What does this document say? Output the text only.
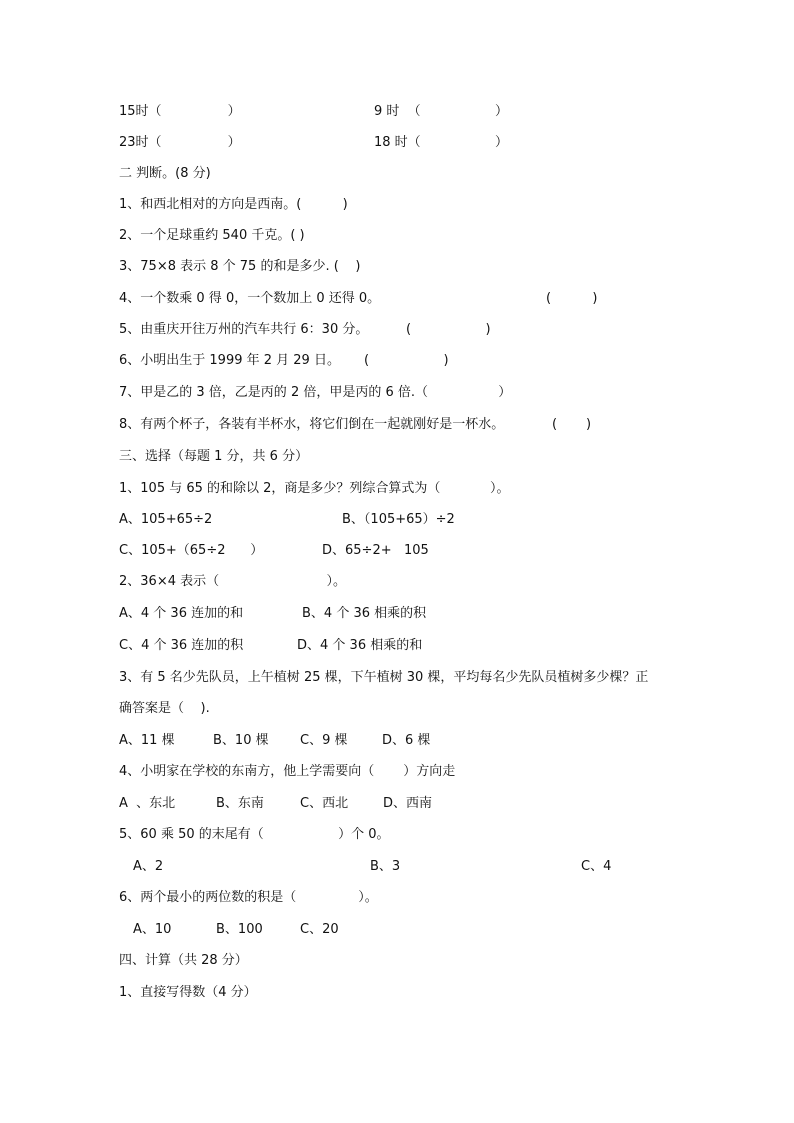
15时（                ）	9 时  （                  ）
23时（                ）	18 时（                  ）
二 判断。(8 分)
1、和西北相对的方向是西南。(          )
2、一个足球重约 540 千克。( )
3、75×8 表示 8 个 75 的和是多少. (    )
4、一个数乘 0 得 0，一个数加上 0 还得 0。	(          )
5、由重庆开往万州的汽车共行 6：30 分。	(                  )
6、小明出生于 1999 年 2 月 29 日。 (                  )
7、甲是乙的 3 倍，乙是丙的 2 倍，甲是丙的 6 倍.（                 ）
8、有两个杯子，各装有半杯水，将它们倒在一起就刚好是一杯水。	(       )
三、选择（每题 1 分，共 6 分）
1、105 与 65 的和除以 2，商是多少？列综合算式为（            ）。
A、105+65÷2	B、（105+65）÷2
C、105+（65÷2      ）	D、65÷2+   105
2、36×4 表示（                          ）。
A、4 个 36 连加的和	B、4 个 36 相乘的积
C、4 个 36 连加的积	D、4 个 36 相乘的和
3、有 5 名少先队员，上午植树 25 棵，下午植树 30 棵，平均每名少先队员植树多少棵？正
确答案是（    ).
A、11 棵	B、10 棵 C、9 棵	D、6 棵
4、小明家在学校的东南方，他上学需要向（       ）方向走
A  、东北	B、东南	C、西北	D、西南
5、60 乘 50 的末尾有（                  ）个 0。
A、2	B、3	C、4
6、两个最小的两位数的积是（               ）。
A、10	B、100	C、20
四、计算（共 28 分）
1、直接写得数（4 分）
